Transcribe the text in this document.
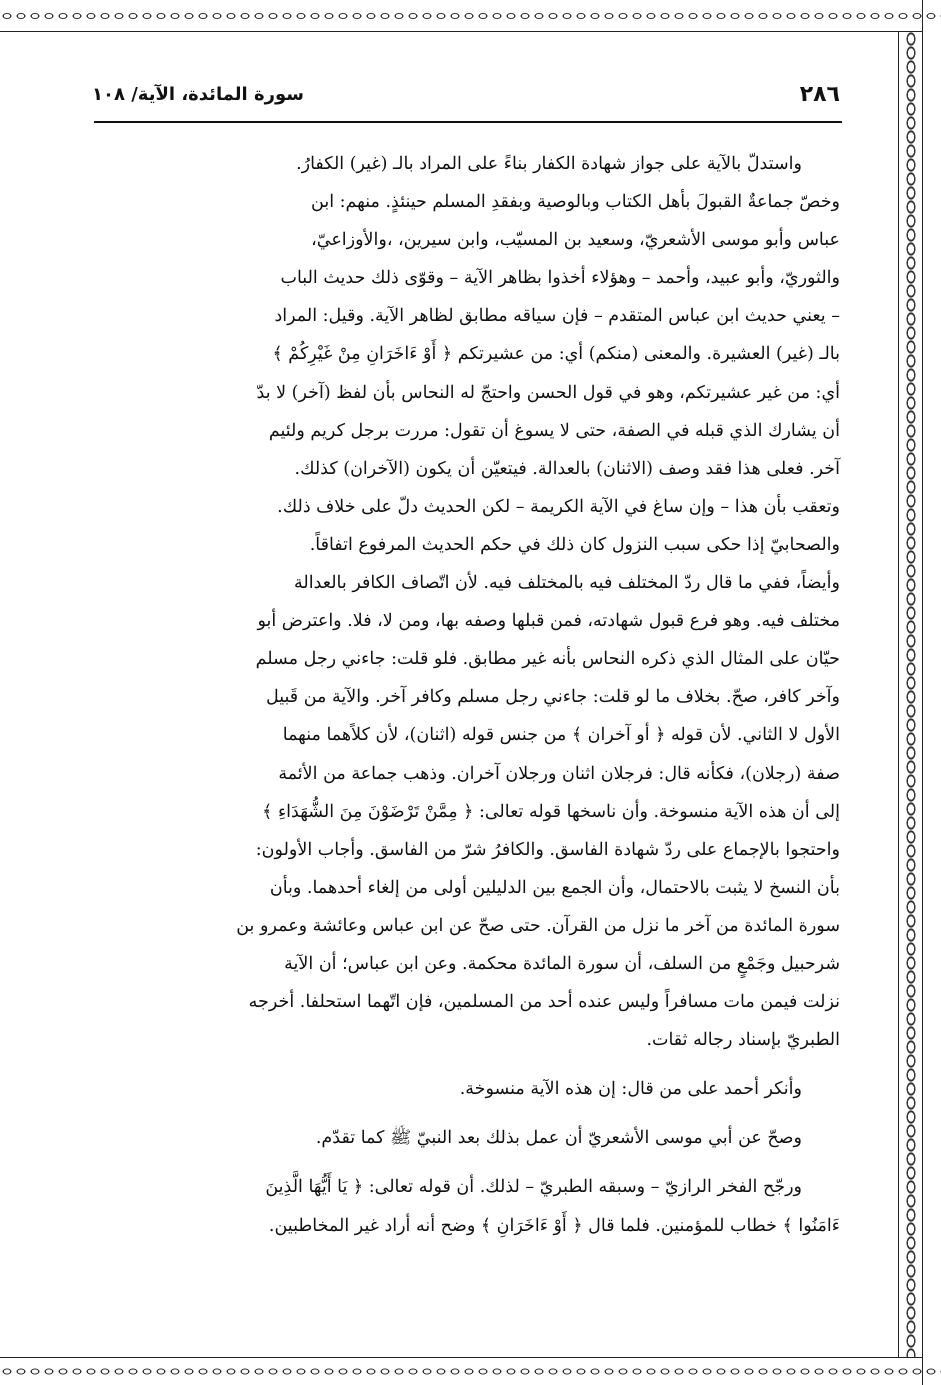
٢٨٦
سورة المائدة، الآية/ ١٠٨

واستدلّ بالآية على جواز شهادة الكفار بناءً على المراد بالـ (غير) الكفارُ.

وخصّ جماعةٌ القبولَ بأهل الكتاب وبالوصية وبفقدِ المسلم حينئذٍ. منهم: ابن

عباس وأبو موسى الأشعريّ، وسعيد بن المسيّب، وابن سيرين، ،والأوزاعيّ،

والثوريّ، وأبو عبيد، وأحمد – وهؤلاء أخذوا بظاهر الآية – وقوّى ذلك حديث الباب

– يعني حديث ابن عباس المتقدم – فإن سياقه مطابق لظاهر الآية. وقيل: المراد

بالـ (غير) العشيرة. والمعنى (منكم) أي: من عشيرتكم ﴿ أَوْ ءَاخَرَانِ مِنْ غَيْرِكُمْ ﴾

أي: من غير عشيرتكم، وهو في قول الحسن واحتجّ له النحاس بأن لفظ (آخر) لا بدّ

أن يشارك الذي قبله في الصفة، حتى لا يسوغ أن تقول: مررت برجل كريم ولئيم

آخر. فعلى هذا فقد وصف (الاثنان) بالعدالة. فيتعيّن أن يكون (الآخران) كذلك.

وتعقب بأن هذا – وإن ساغ في الآية الكريمة – لكن الحديث دلّ على خلاف ذلك.

والصحابيّ إذا حكى سبب النزول كان ذلك في حكم الحديث المرفوع اتفاقاً.

وأيضاً، ففي ما قال ردّ المختلف فيه بالمختلف فيه. لأن اتّصاف الكافر بالعدالة

مختلف فيه. وهو فرع قبول شهادته، فمن قبلها وصفه بها، ومن لا، فلا. واعترض أبو

حيّان على المثال الذي ذكره النحاس بأنه غير مطابق. فلو قلت: جاءني رجل مسلم

وآخر كافر، صحّ. بخلاف ما لو قلت: جاءني رجل مسلم وكافر آخر. والآية من قَبيل

الأول لا الثاني. لأن قوله ﴿ أو آخران ﴾ من جنس قوله (اثنان)، لأن كلاًهما منهما

صفة (رجلان)، فكأنه قال: فرجلان اثنان ورجلان آخران. وذهب جماعة من الأئمة

إلى أن هذه الآية منسوخة. وأن ناسخها قوله تعالى: ﴿ مِمَّنْ تَرْضَوْنَ مِنَ الشُّهَدَاءِ ﴾

واحتجوا بالإجماع على ردّ شهادة الفاسق. والكافرُ شرّ من الفاسق. وأجاب الأولون:

بأن النسخ لا يثبت بالاحتمال، وأن الجمع بين الدليلين أولى من إلغاء أحدهما. وبأن

سورة المائدة من آخر ما نزل من القرآن. حتى صحّ عن ابن عباس وعائشة وعمرو بن

شرحبيل وجَمْعٍ من السلف، أن سورة المائدة محكمة. وعن ابن عباس؛ أن الآية

نزلت فيمن مات مسافراً وليس عنده أحد من المسلمين، فإن اتّهما استحلفا. أخرجه

الطبريّ بإسناد رجاله ثقات.

وأنكر أحمد على من قال: إن هذه الآية منسوخة.

وصحّ عن أبي موسى الأشعريّ أن عمل بذلك بعد النبيّ ﷺ كما تقدّم.

ورجّح الفخر الرازيّ – وسبقه الطبريّ – لذلك. أن قوله تعالى: ﴿ يَا أَيُّهَا الَّذِينَ

ءَامَنُوا ﴾ خطاب للمؤمنين. فلما قال ﴿ أَوْ ءَاخَرَانِ ﴾ وضح أنه أراد غير المخاطبين.
